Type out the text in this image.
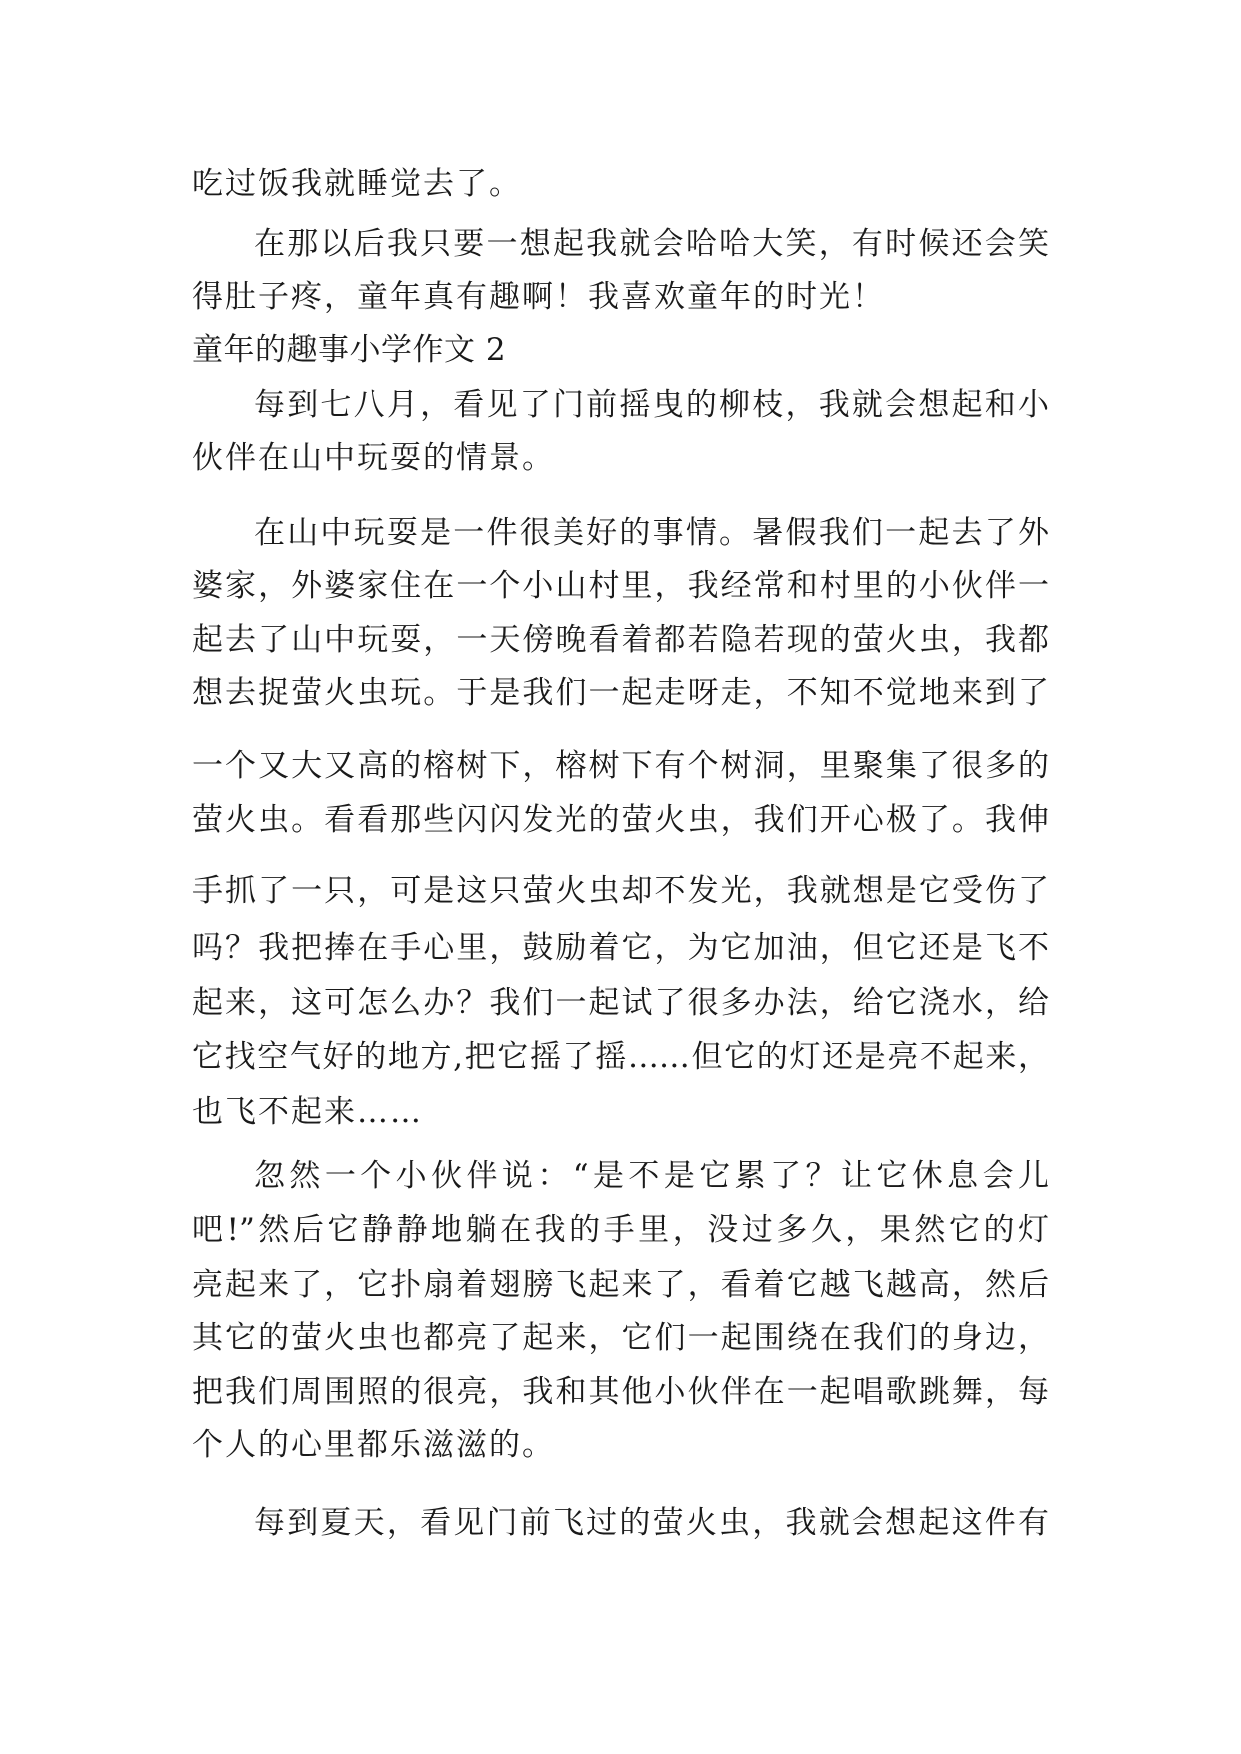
吃过饭我就睡觉去了。
在那以后我只要一想起我就会哈哈大笑，有时候还会笑
得肚子疼，童年真有趣啊！我喜欢童年的时光！
童年的趣事小学作文 2
每到七八月，看见了门前摇曳的柳枝，我就会想起和小
伙伴在山中玩耍的情景。
在山中玩耍是一件很美好的事情。暑假我们一起去了外
婆家，外婆家住在一个小山村里，我经常和村里的小伙伴一
起去了山中玩耍，一天傍晚看着都若隐若现的萤火虫，我都
想去捉萤火虫玩。于是我们一起走呀走，不知不觉地来到了
一个又大又高的榕树下，榕树下有个树洞，里聚集了很多的
萤火虫。看看那些闪闪发光的萤火虫，我们开心极了。我伸
手抓了一只，可是这只萤火虫却不发光，我就想是它受伤了
吗？我把捧在手心里，鼓励着它，为它加油，但它还是飞不
起来，这可怎么办？我们一起试了很多办法，给它浇水，给
它找空气好的地方,把它摇了摇……但它的灯还是亮不起来，
也飞不起来……
忽然一个小伙伴说：“是不是它累了？让它休息会儿
吧!”然后它静静地躺在我的手里，没过多久，果然它的灯
亮起来了，它扑扇着翅膀飞起来了，看着它越飞越高，然后
其它的萤火虫也都亮了起来，它们一起围绕在我们的身边，
把我们周围照的很亮，我和其他小伙伴在一起唱歌跳舞，每
个人的心里都乐滋滋的。
每到夏天，看见门前飞过的萤火虫，我就会想起这件有
